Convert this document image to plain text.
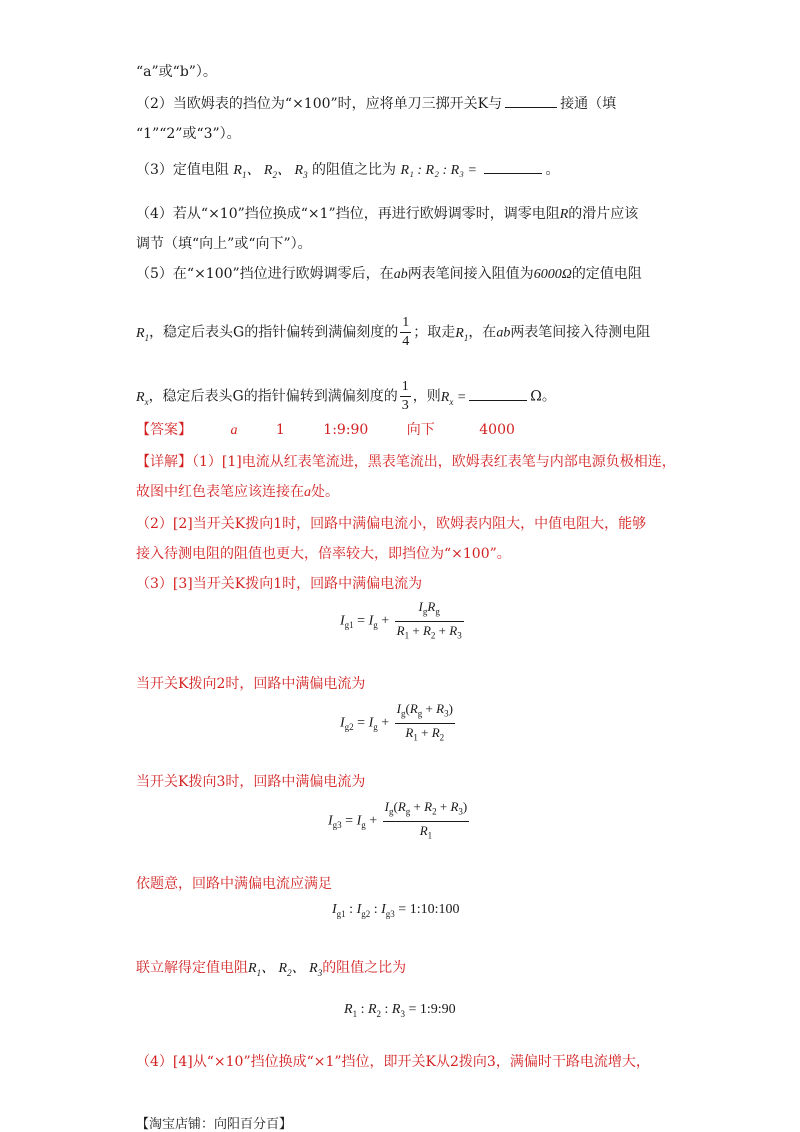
“a”或“b”）。
（2）当欧姆表的挡位为“×100”时，应将单刀三掷开关K与	接通（填
“1”“2”或“3”）。
（3）定值电阻 $R_1$、 $R_2$、 $R_3$ 的阻值之比为 R₁ : R₂ : R₃ =	。
（4）若从“×10”挡位换成“×1”挡位，再进行欧姆调零时，调零电阻R的滑片应该
调节（填“向上”或“向下”）。
（5）在“×100”挡位进行欧姆调零后，在ab两表笔间接入阻值为6000Ω的定值电阻
$R_1$，稳定后表头G的指针偏转到满偏刻度的 $\frac{1}{4}$ ；取走$R_1$，在ab两表笔间接入待测电阻
$R_x$，稳定后表头G的指针偏转到满偏刻度的 $\frac{1}{3}$ ，则$R_x$ =	Ω。
【答案】	a	1	1:9:90	向下	4000
【详解】（1）[1]电流从红表笔流进，黑表笔流出，欧姆表红表笔与内部电源负极相连，
故图中红色表笔应该连接在a处。
（2）[2]当开关K拨向1时，回路中满偏电流小，欧姆表内阻大，中值电阻大，能够
接入待测电阻的阻值也更大，倍率较大，即挡位为“×100”。
（3）[3]当开关K拨向1时，回路中满偏电流为
$I_{g1} = I_g + \frac{I_gR_g}{R_1 + R_2 + R_3}$
当开关K拨向2时，回路中满偏电流为
$I_{g2} = I_g + \frac{I_g(R_g + R_3)}{R_1 + R_2}$
当开关K拨向3时，回路中满偏电流为
$I_{g3} = I_g + \frac{I_g(R_g + R_2 + R_3)}{R_1}$
依题意，回路中满偏电流应满足
$I_{g1}$ : $I_{g2}$ : $I_{g3}$ = 1:10:100
联立解得定值电阻$R_1$、 $R_2$、 $R_3$的阻值之比为
$R_1$ : $R_2$ : $R_3$ = 1:9:90
（4）[4]从“×10”挡位换成“×1”挡位，即开关K从2拨向3，满偏时干路电流增大，
【淘宝店铺：向阳百分百】
